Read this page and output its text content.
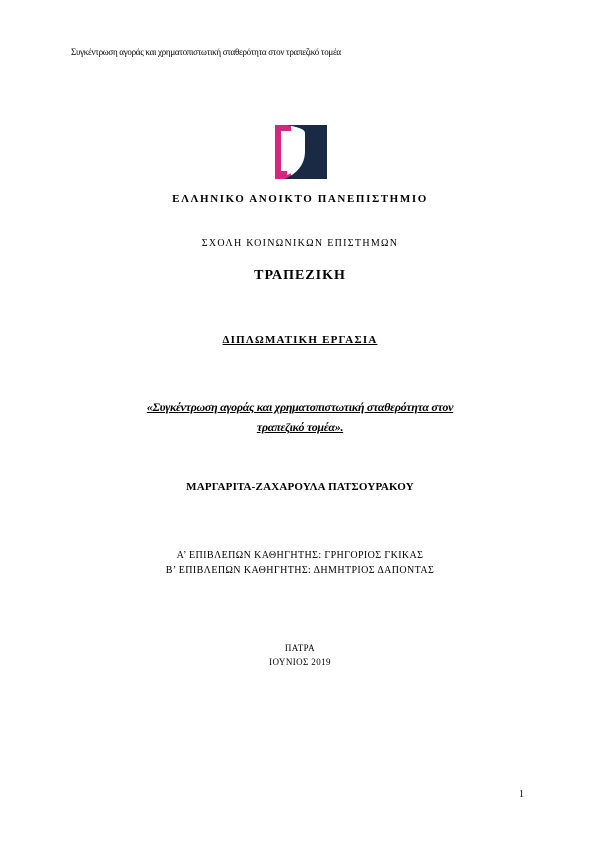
Συγκέντρωση αγοράς και χρηματοπιστωτική σταθερότητα στον τραπεζικό τομέα
ΕΛΛΗΝΙΚΟ ΑΝΟΙΚΤΟ ΠΑΝΕΠΙΣΤΗΜΙΟ
ΣΧΟΛΗ ΚΟΙΝΩΝΙΚΩΝ ΕΠΙΣΤΗΜΩΝ
ΤΡΑΠΕΖΙΚΗ
ΔΙΠΛΩΜΑΤΙΚΗ ΕΡΓΑΣΙΑ
«Συγκέντρωση αγοράς και χρηματοπιστωτική σταθερότητα στον
τραπεζικό τομέα».
ΜΑΡΓΑΡΙΤΑ-ΖΑΧΑΡΟΥΛΑ ΠΑΤΣΟΥΡΑΚΟΥ
Α’ ΕΠΙΒΛΕΠΩΝ ΚΑΘΗΓΗΤΗΣ: ΓΡΗΓΟΡΙΟΣ ΓΚΙΚΑΣ
Β’ ΕΠΙΒΛΕΠΩΝ ΚΑΘΗΓΗΤΗΣ: ΔΗΜΗΤΡΙΟΣ ΔΑΠΟΝΤΑΣ
ΠΑΤΡΑ
ΙΟΥΝΙΟΣ 2019
1
